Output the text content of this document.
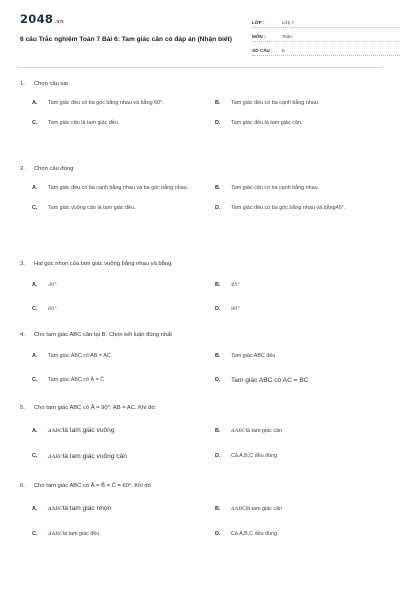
2048.vn
6 câu Trắc nghiệm Toán 7 Bài 6: Tam giác cân có đáp án (Nhận biết)
LỚP :	Lớp 7
MÔN :	Toán
SỐ CÂU :	6
1.	Chọn câu sai
A.	Tam giác đều có ba góc bằng nhau và bằng 60°.	B.	Tam giác đều có ba cạnh bằng nhau.
C.	Tam giác cân là tam giác đều.	D.	Tam giác đều là tam giác cân.
2.	Chọn câu đúng
A.	Tam giác đều có ba cạnh bằng nhau và ba góc bằng nhau.	B.	Tam giác cân có ba cạnh bằng nhau.
C.	Tam giác vuông cân là tam giác đều.	D.	Tam giác đều có ba góc bằng nhau và bằng45°.
3.	Hai góc nhọn của tam giác vuông bằng nhau và bằng
A.	30°	B.	45°
C.	60°	D.	90°
4.	Cho tam giác ABC cân tại B. Chọn kết luận đúng nhất
A.	Tam giác ABC có AB = AC	B.	Tam giác ABC đều
C.	Tam giác ABC có Â = Ĉ	D.	Tam giác ABC có AC = BC
5.	Cho tam giác ABC có Â = 90°; AB = AC. Khi đó:
A.	ΔABClà tam giác vuông	B.	ΔABClà tam giác cân
C.	ΔABClà tam giác vuông cân	D.	Cả A,B,C đều đúng
6.	Cho tam giác ABC có Â = B̂ = Ĉ = 60°. Khi đó
A.	ΔABClà tam giác nhọn	B.	ΔABClà tam giác cân
C.	ΔABClà tam giác đều	D.	Cả A,B,C đều đúng
